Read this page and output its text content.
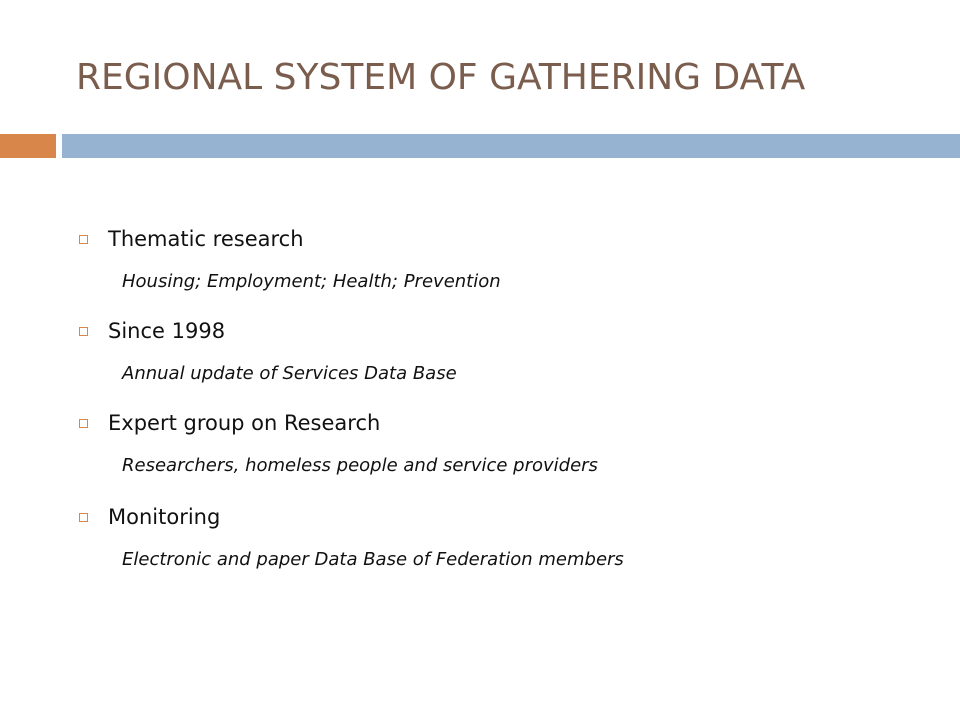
REGIONAL SYSTEM OF GATHERING DATA
Thematic research
Housing; Employment; Health; Prevention
Since 1998
Annual update of Services Data Base
Expert group on Research
Researchers, homeless people and service providers
Monitoring
Electronic and paper Data Base of Federation members
